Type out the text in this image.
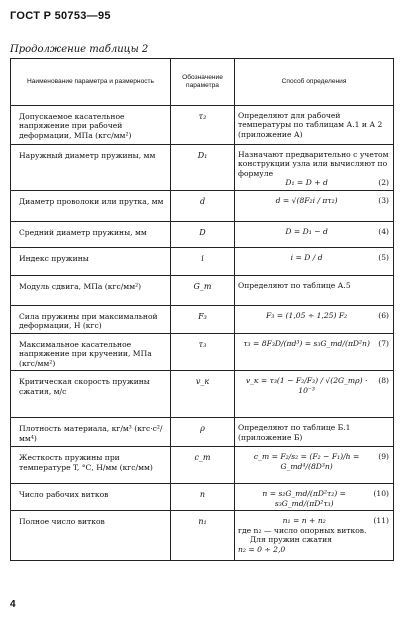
ГОСТ Р 50753—95
Продолжение таблицы 2
Наименование параметра и размерность	Обозначение параметра	Способ определения
Допускаемое касательное напряжение при рабочей деформации, МПа (кгс/мм²)	τ₂	Определяют для рабочей температуры по таблицам А.1 и А 2 (приложение А)

Наружный диаметр пружины, мм	D₁	Назначают предварительно с учетом конструкции узла или вычисляют по формуле
D₁ = D + d (2)

Диаметр проволоки или прутка, мм	d	d = √(8F₂i / πτ₂) (3)

Средний диаметр пружины, мм	D	D = D₁ − d (4)

Индекс пружины	i	i = D / d (5)

Модуль сдвига, МПа (кгс/мм²)	G_т	Определяют по таблице А.5

Сила пружины при максимальной деформации, Н (кгс)	F₃	F₃ = (1,05 ÷ 1,25) F₂ (6)

Максимальное касательное напряжение при кручении, МПа (кгс/мм²)	τ₃	τ₃ = 8F₃D/(πd³) = s₃G_тd/(πD²n) (7)

Критическая скорость пружины сжатия, м/с	v_к	v_к = τ₃(1 − F₂/F₃) / √(2G_тρ) · 10⁻³
(8)

Плотность материала, кг/м³ (кгс·с²/мм⁴)	ρ	Определяют по таблице Б.1 (приложение Б)

Жесткость пружины при температуре T, °С, Н/мм (кгс/мм)	c_т	c_т = F₂/s₂ = (F₂ − F₁)/h = G_тd⁴/(8D³n)
(9)

Число рабочих витков	n	n = s₂G_тd/(πD²τ₂) = s₃G_тd/(πD²τ₃)
(10)

Полное число витков	n₁	n₁ = n + n₂ (11)
где n₂ — число опорных витков.
Для пружин сжатия
n₂ = 0 ÷ 2,0
4
